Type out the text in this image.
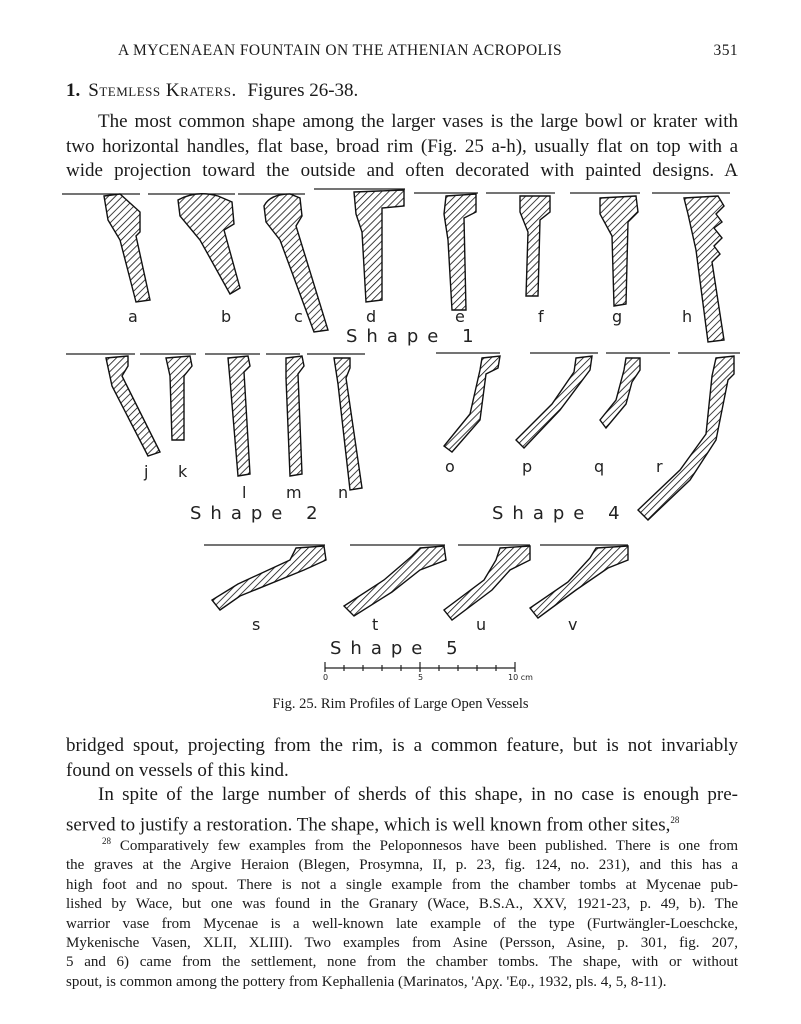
A MYCENAEAN FOUNTAIN ON THE ATHENIAN ACROPOLIS	351
1. Stemless Kraters. Figures 26-38.
The most common shape among the larger vases is the large bowl or krater with
two horizontal handles, flat base, broad rim (Fig. 25 a-h), usually flat on top with a
wide projection toward the outside and often decorated with painted designs. A
a	b	c	d	e	f	g	h
Shape 1
j k
l m n
o	p	q	r
Shape 2	Shape 4
s	t	u	v
Shape 5
0	5	10 cm
Fig. 25. Rim Profiles of Large Open Vessels
bridged spout, projecting from the rim, is a common feature, but is not invariably
found on vessels of this kind.
In spite of the large number of sherds of this shape, in no case is enough pre-
served to justify a restoration. The shape, which is well known from other sites,$^{28}$
$^{28}$ Comparatively few examples from the Peloponnesos have been published. There is one from
the graves at the Argive Heraion (Blegen, Prosymna, II, p. 23, fig. 124, no. 231), and this has a
high foot and no spout. There is not a single example from the chamber tombs at Mycenae pub-
lished by Wace, but one was found in the Granary (Wace, B.S.A., XXV, 1921-23, p. 49, b). The
warrior vase from Mycenae is a well-known late example of the type (Furtwängler-Loeschcke,
Mykenische Vasen, XLII, XLIII). Two examples from Asine (Persson, Asine, p. 301, fig. 207,
5 and 6) came from the settlement, none from the chamber tombs. The shape, with or without
spout, is common among the pottery from Kephallenia (Marinatos, 'Αρχ. 'Εφ., 1932, pls. 4, 5, 8-11).
